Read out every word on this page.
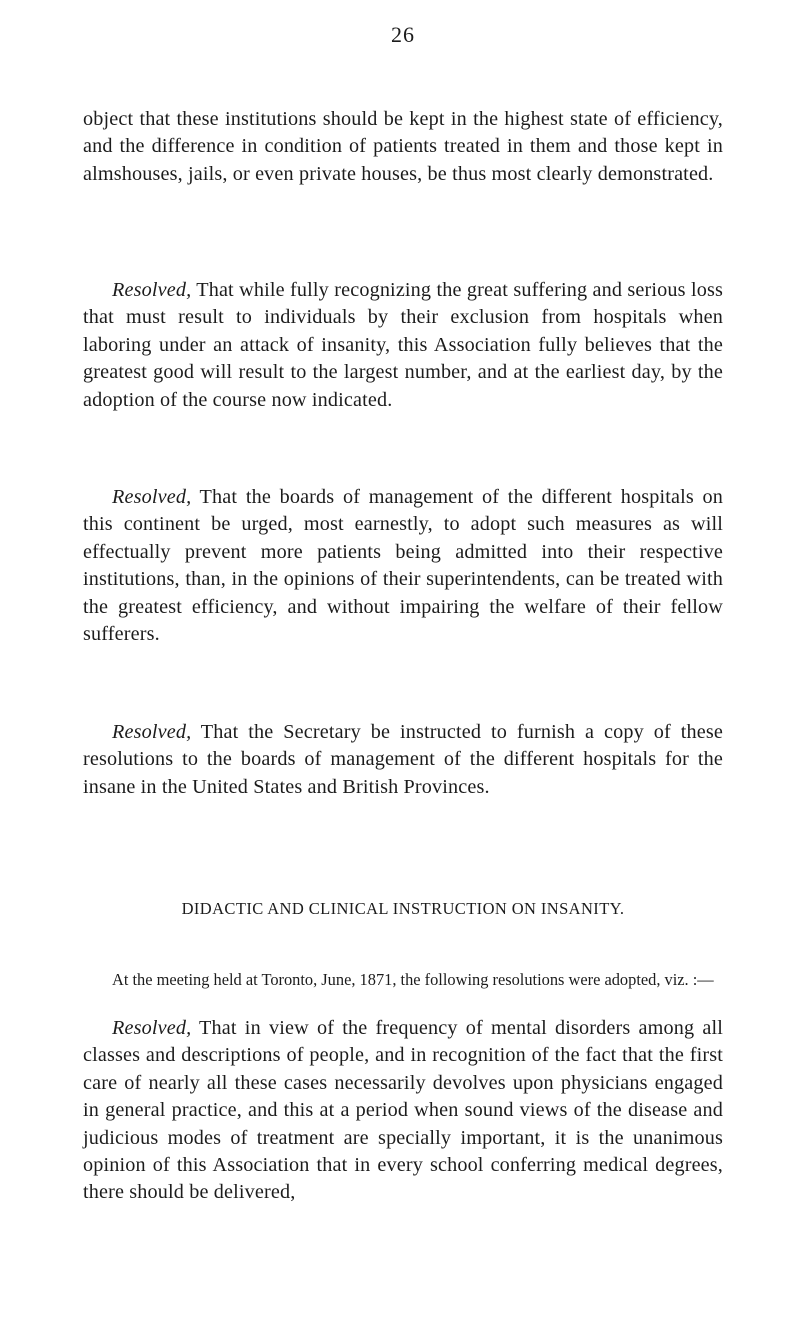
26

object that these institutions should be kept in the highest state of efficiency, and the difference in condition of patients treated in them and those kept in almshouses, jails, or even private houses, be thus most clearly demonstrated.

Resolved, That while fully recognizing the great suffering and serious loss that must result to individuals by their exclusion from hospitals when laboring under an attack of insanity, this Association fully believes that the greatest good will result to the largest number, and at the earliest day, by the adoption of the course now indicated.

Resolved, That the boards of management of the different hospitals on this continent be urged, most earnestly, to adopt such measures as will effectually prevent more patients being admitted into their respective institutions, than, in the opinions of their superintendents, can be treated with the greatest efficiency, and without impairing the welfare of their fellow sufferers.

Resolved, That the Secretary be instructed to furnish a copy of these resolutions to the boards of management of the different hospitals for the insane in the United States and British Provinces.

DIDACTIC AND CLINICAL INSTRUCTION ON INSANITY.

At the meeting held at Toronto, June, 1871, the following resolutions were adopted, viz. :—

Resolved, That in view of the frequency of mental disorders among all classes and descriptions of people, and in recognition of the fact that the first care of nearly all these cases necessarily devolves upon physicians engaged in general practice, and this at a period when sound views of the disease and judicious modes of treatment are specially important, it is the unanimous opinion of this Association that in every school conferring medical degrees, there should be delivered,
